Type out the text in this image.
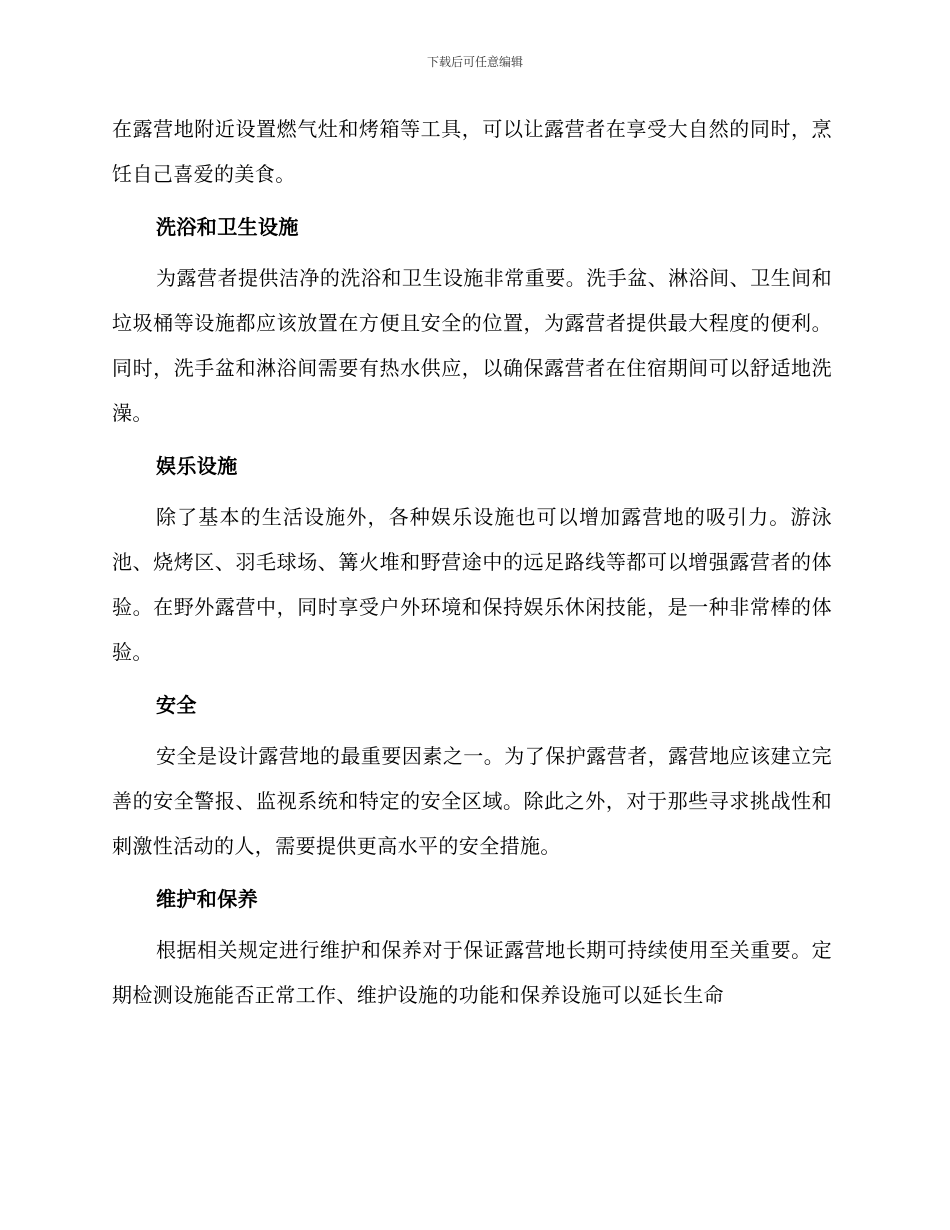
下载后可任意编辑

在露营地附近设置燃气灶和烤箱等工具，可以让露营者在享受大自然的同时，烹饪自己喜爱的美食。

洗浴和卫生设施

为露营者提供洁净的洗浴和卫生设施非常重要。洗手盆、淋浴间、卫生间和垃圾桶等设施都应该放置在方便且安全的位置，为露营者提供最大程度的便利。同时，洗手盆和淋浴间需要有热水供应，以确保露营者在住宿期间可以舒适地洗澡。

娱乐设施

除了基本的生活设施外，各种娱乐设施也可以增加露营地的吸引力。游泳池、烧烤区、羽毛球场、篝火堆和野营途中的远足路线等都可以增强露营者的体验。在野外露营中，同时享受户外环境和保持娱乐休闲技能，是一种非常棒的体验。

安全

安全是设计露营地的最重要因素之一。为了保护露营者，露营地应该建立完善的安全警报、监视系统和特定的安全区域。除此之外，对于那些寻求挑战性和刺激性活动的人，需要提供更高水平的安全措施。

维护和保养

根据相关规定进行维护和保养对于保证露营地长期可持续使用至关重要。定期检测设施能否正常工作、维护设施的功能和保养设施可以延长生命
